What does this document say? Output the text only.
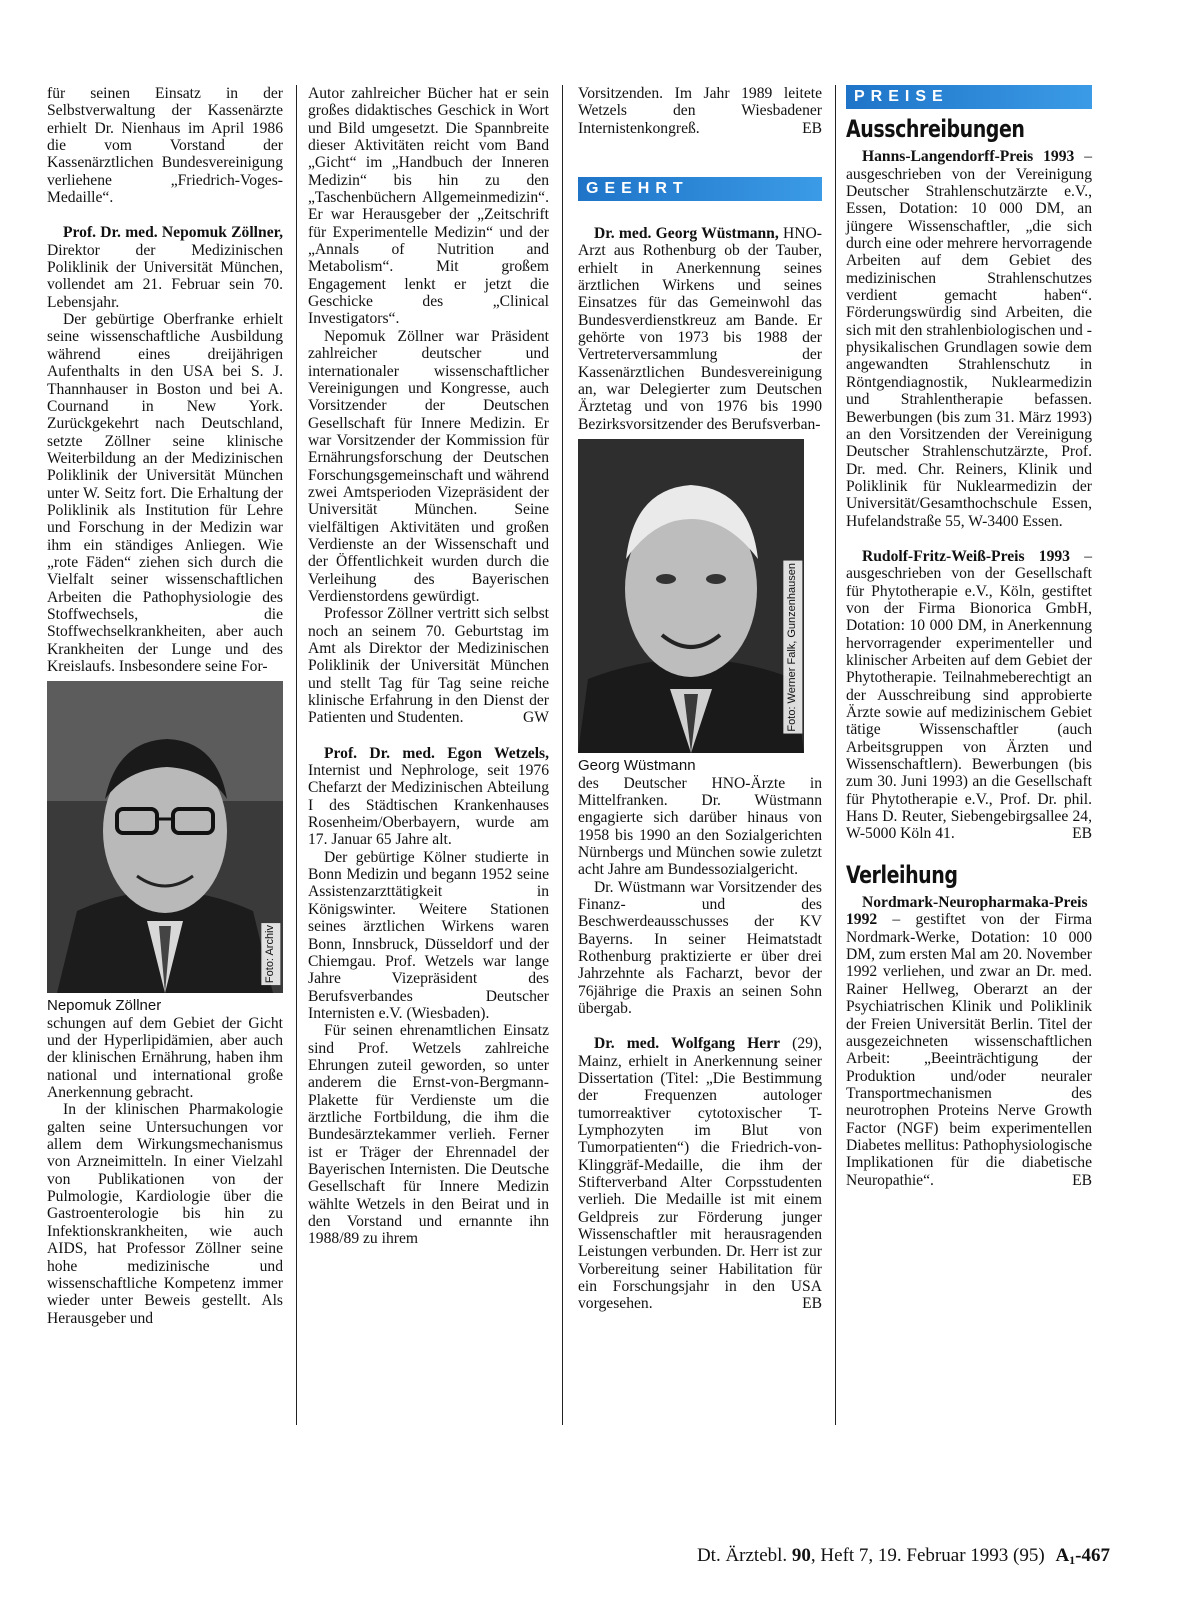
für seinen Einsatz in der Selbstverwaltung der Kassenärzte erhielt Dr. Nienhaus im April 1986 die vom Vorstand der Kassenärztlichen Bundesvereinigung verliehene „Friedrich-Voges-Medaille“.

Prof. Dr. med. Nepomuk Zöllner, Direktor der Medizinischen Poliklinik der Universität München, vollendet am 21. Februar sein 70. Lebensjahr.

Der gebürtige Oberfranke erhielt seine wissenschaftliche Ausbildung während eines dreijährigen Aufenthalts in den USA bei S. J. Thannhauser in Boston und bei A. Cournand in New York. Zurückgekehrt nach Deutschland, setzte Zöllner seine klinische Weiterbildung an der Medizinischen Poliklinik der Universität München unter W. Seitz fort. Die Erhaltung der Poliklinik als Institution für Lehre und Forschung in der Medizin war ihm ein ständiges Anliegen. Wie „rote Fäden“ ziehen sich durch die Vielfalt seiner wissenschaftlichen Arbeiten die Pathophysiologie des Stoffwechsels, die Stoffwechselkrankheiten, aber auch Krankheiten der Lunge und des Kreislaufs. Insbesondere seine For-

Foto: Archiv

Nepomuk Zöllner

schungen auf dem Gebiet der Gicht und der Hyperlipidämien, aber auch der klinischen Ernährung, haben ihm national und international große Anerkennung gebracht.

In der klinischen Pharmakologie galten seine Untersuchungen vor allem dem Wirkungsmechanismus von Arzneimitteln. In einer Vielzahl von Publikationen von der Pulmologie, Kardiologie über die Gastroenterologie bis hin zu Infektionskrankheiten, wie auch AIDS, hat Professor Zöllner seine hohe medizinische und wissenschaftliche Kompetenz immer wieder unter Beweis gestellt. Als Herausgeber und

Autor zahlreicher Bücher hat er sein großes didaktisches Geschick in Wort und Bild umgesetzt. Die Spannbreite dieser Aktivitäten reicht vom Band „Gicht“ im „Handbuch der Inneren Medizin“ bis hin zu den „Taschenbüchern Allgemeinmedizin“. Er war Herausgeber der „Zeitschrift für Experimentelle Medizin“ und der „Annals of Nutrition and Metabolism“. Mit großem Engagement lenkt er jetzt die Geschicke des „Clinical Investigators“.

Nepomuk Zöllner war Präsident zahlreicher deutscher und internationaler wissenschaftlicher Vereinigungen und Kongresse, auch Vorsitzender der Deutschen Gesellschaft für Innere Medizin. Er war Vorsitzender der Kommission für Ernährungsforschung der Deutschen Forschungsgemeinschaft und während zwei Amtsperioden Vizepräsident der Universität München. Seine vielfältigen Aktivitäten und großen Verdienste an der Wissenschaft und der Öffentlichkeit wurden durch die Verleihung des Bayerischen Verdienstordens gewürdigt.

Professor Zöllner vertritt sich selbst noch an seinem 70. Geburtstag im Amt als Direktor der Medizinischen Poliklinik der Universität München und stellt Tag für Tag seine reiche klinische Erfahrung in den Dienst der Patienten und Studenten.	GW

Prof. Dr. med. Egon Wetzels, Internist und Nephrologe, seit 1976 Chefarzt der Medizinischen Abteilung I des Städtischen Krankenhauses Rosenheim/Oberbayern, wurde am 17. Januar 65 Jahre alt.

Der gebürtige Kölner studierte in Bonn Medizin und begann 1952 seine Assistenzarzttätigkeit in Königswinter. Weitere Stationen seines ärztlichen Wirkens waren Bonn, Innsbruck, Düsseldorf und der Chiemgau. Prof. Wetzels war lange Jahre Vizepräsident des Berufsverbandes Deutscher Internisten e.V. (Wiesbaden).

Für seinen ehrenamtlichen Einsatz sind Prof. Wetzels zahlreiche Ehrungen zuteil geworden, so unter anderem die Ernst-von-Bergmann-Plakette für Verdienste um die ärztliche Fortbildung, die ihm die Bundesärztekammer verlieh. Ferner ist er Träger der Ehrennadel der Bayerischen Internisten. Die Deutsche Gesellschaft für Innere Medizin wählte Wetzels in den Beirat und in den Vorstand und ernannte ihn 1988/89 zu ihrem

Vorsitzenden. Im Jahr 1989 leitete Wetzels den Wiesbadener Internistenkongreß.	EB

GEEHRT

Dr. med. Georg Wüstmann, HNO-Arzt aus Rothenburg ob der Tauber, erhielt in Anerkennung seines ärztlichen Wirkens und seines Einsatzes für das Gemeinwohl das Bundesverdienstkreuz am Bande. Er gehörte von 1973 bis 1988 der Vertreterversammlung der Kassenärztlichen Bundesvereinigung an, war Delegierter zum Deutschen Ärztetag und von 1976 bis 1990 Bezirksvorsitzender des Berufsverban-

Foto: Werner Falk, Gunzenhausen

Georg Wüstmann

des Deutscher HNO-Ärzte in Mittelfranken. Dr. Wüstmann engagierte sich darüber hinaus von 1958 bis 1990 an den Sozialgerichten Nürnbergs und München sowie zuletzt acht Jahre am Bundessozialgericht.

Dr. Wüstmann war Vorsitzender des Finanz- und des Beschwerdeausschusses der KV Bayerns. In seiner Heimatstadt Rothenburg praktizierte er über drei Jahrzehnte als Facharzt, bevor der 76jährige die Praxis an seinen Sohn übergab.

Dr. med. Wolfgang Herr (29), Mainz, erhielt in Anerkennung seiner Dissertation (Titel: „Die Bestimmung der Frequenzen autologer tumorreaktiver cytotoxischer T-Lymphozyten im Blut von Tumorpatienten“) die Friedrich-von-Klinggräf-Medaille, die ihm der Stifterverband Alter Corpsstudenten verlieh. Die Medaille ist mit einem Geldpreis zur Förderung junger Wissenschaftler mit herausragenden Leistungen verbunden. Dr. Herr ist zur Vorbereitung seiner Habilitation für ein Forschungsjahr in den USA vorgesehen.	EB

PREISE
Ausschreibungen

Hanns-Langendorff-Preis 1993 – ausgeschrieben von der Vereinigung Deutscher Strahlenschutzärzte e.V., Essen, Dotation: 10 000 DM, an jüngere Wissenschaftler, „die sich durch eine oder mehrere hervorragende Arbeiten auf dem Gebiet des medizinischen Strahlenschutzes verdient gemacht haben“. Förderungswürdig sind Arbeiten, die sich mit den strahlenbiologischen und -physikalischen Grundlagen sowie dem angewandten Strahlenschutz in Röntgendiagnostik, Nuklearmedizin und Strahlentherapie befassen. Bewerbungen (bis zum 31. März 1993) an den Vorsitzenden der Vereinigung Deutscher Strahlenschutzärzte, Prof. Dr. med. Chr. Reiners, Klinik und Poliklinik für Nuklearmedizin der Universität/Gesamthochschule Essen, Hufelandstraße 55, W-3400 Essen.

Rudolf-Fritz-Weiß-Preis 1993 – ausgeschrieben von der Gesellschaft für Phytotherapie e.V., Köln, gestiftet von der Firma Bionorica GmbH, Dotation: 10 000 DM, in Anerkennung hervorragender experimenteller und klinischer Arbeiten auf dem Gebiet der Phytotherapie. Teilnahmeberechtigt an der Ausschreibung sind approbierte Ärzte sowie auf medizinischem Gebiet tätige Wissenschaftler (auch Arbeitsgruppen von Ärzten und Wissenschaftlern). Bewerbungen (bis zum 30. Juni 1993) an die Gesellschaft für Phytotherapie e.V., Prof. Dr. phil. Hans D. Reuter, Siebengebirgsallee 24, W-5000 Köln 41.	EB

Verleihung

Nordmark-Neuropharmaka-Preis 1992 – gestiftet von der Firma Nordmark-Werke, Dotation: 10 000 DM, zum ersten Mal am 20. November 1992 verliehen, und zwar an Dr. med. Rainer Hellweg, Oberarzt an der Psychiatrischen Klinik und Poliklinik der Freien Universität Berlin. Titel der ausgezeichneten wissenschaftlichen Arbeit: „Beeinträchtigung der Produktion und/oder neuraler Transportmechanismen des neurotrophen Proteins Nerve Growth Factor (NGF) beim experimentellen Diabetes mellitus: Pathophysiologische Implikationen für die diabetische Neuropathie“.	EB

Dt. Ärztebl. 90, Heft 7, 19. Februar 1993 (95) $A_1-467$
